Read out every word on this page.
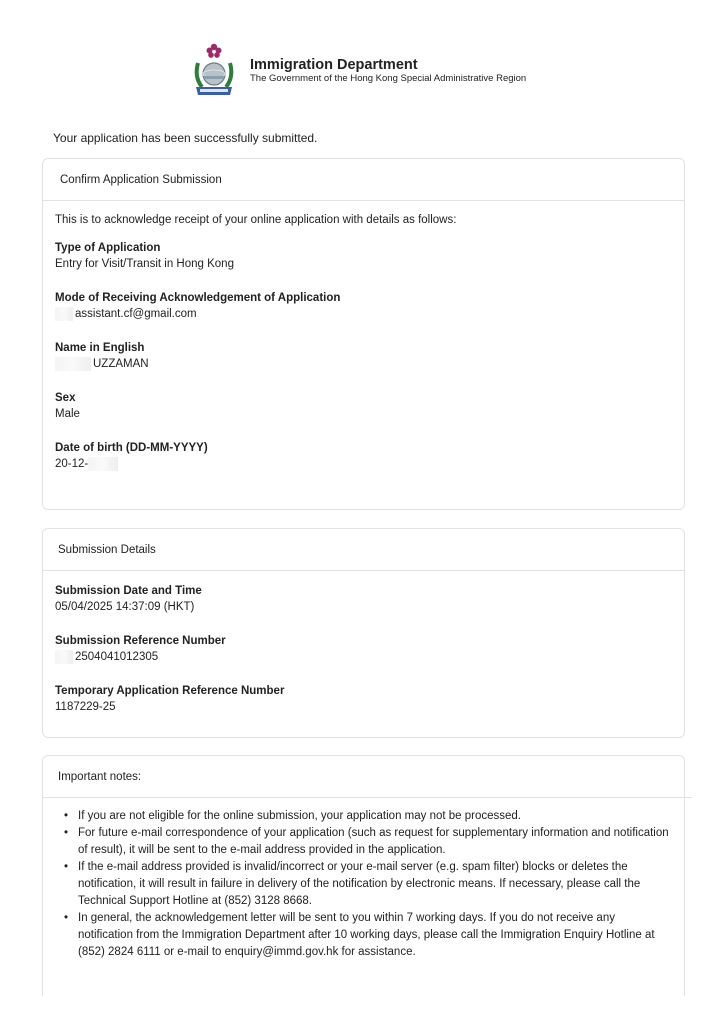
Immigration Department
The Government of the Hong Kong Special Administrative Region
Your application has been successfully submitted.
Confirm Application Submission
This is to acknowledge receipt of your online application with details as follows:
Type of Application
Entry for Visit/Transit in Hong Kong
Mode of Receiving Acknowledgement of Application
assistant.cf@gmail.com
Name in English
UZZAMAN
Sex
Male
Date of birth (DD-MM-YYYY)
20-12-
Submission Details
Submission Date and Time
05/04/2025 14:37:09 (HKT)
Submission Reference Number
2504041012305
Temporary Application Reference Number
1187229-25
Important notes:
• If you are not eligible for the online submission, your application may not be processed.
• For future e-mail correspondence of your application (such as request for supplementary information and notification of result), it will be sent to the e-mail address provided in the application.
• If the e-mail address provided is invalid/incorrect or your e-mail server (e.g. spam filter) blocks or deletes the notification, it will result in failure in delivery of the notification by electronic means. If necessary, please call the Technical Support Hotline at (852) 3128 8668.
• In general, the acknowledgement letter will be sent to you within 7 working days. If you do not receive any notification from the Immigration Department after 10 working days, please call the Immigration Enquiry Hotline at (852) 2824 6111 or e-mail to enquiry@immd.gov.hk for assistance.
